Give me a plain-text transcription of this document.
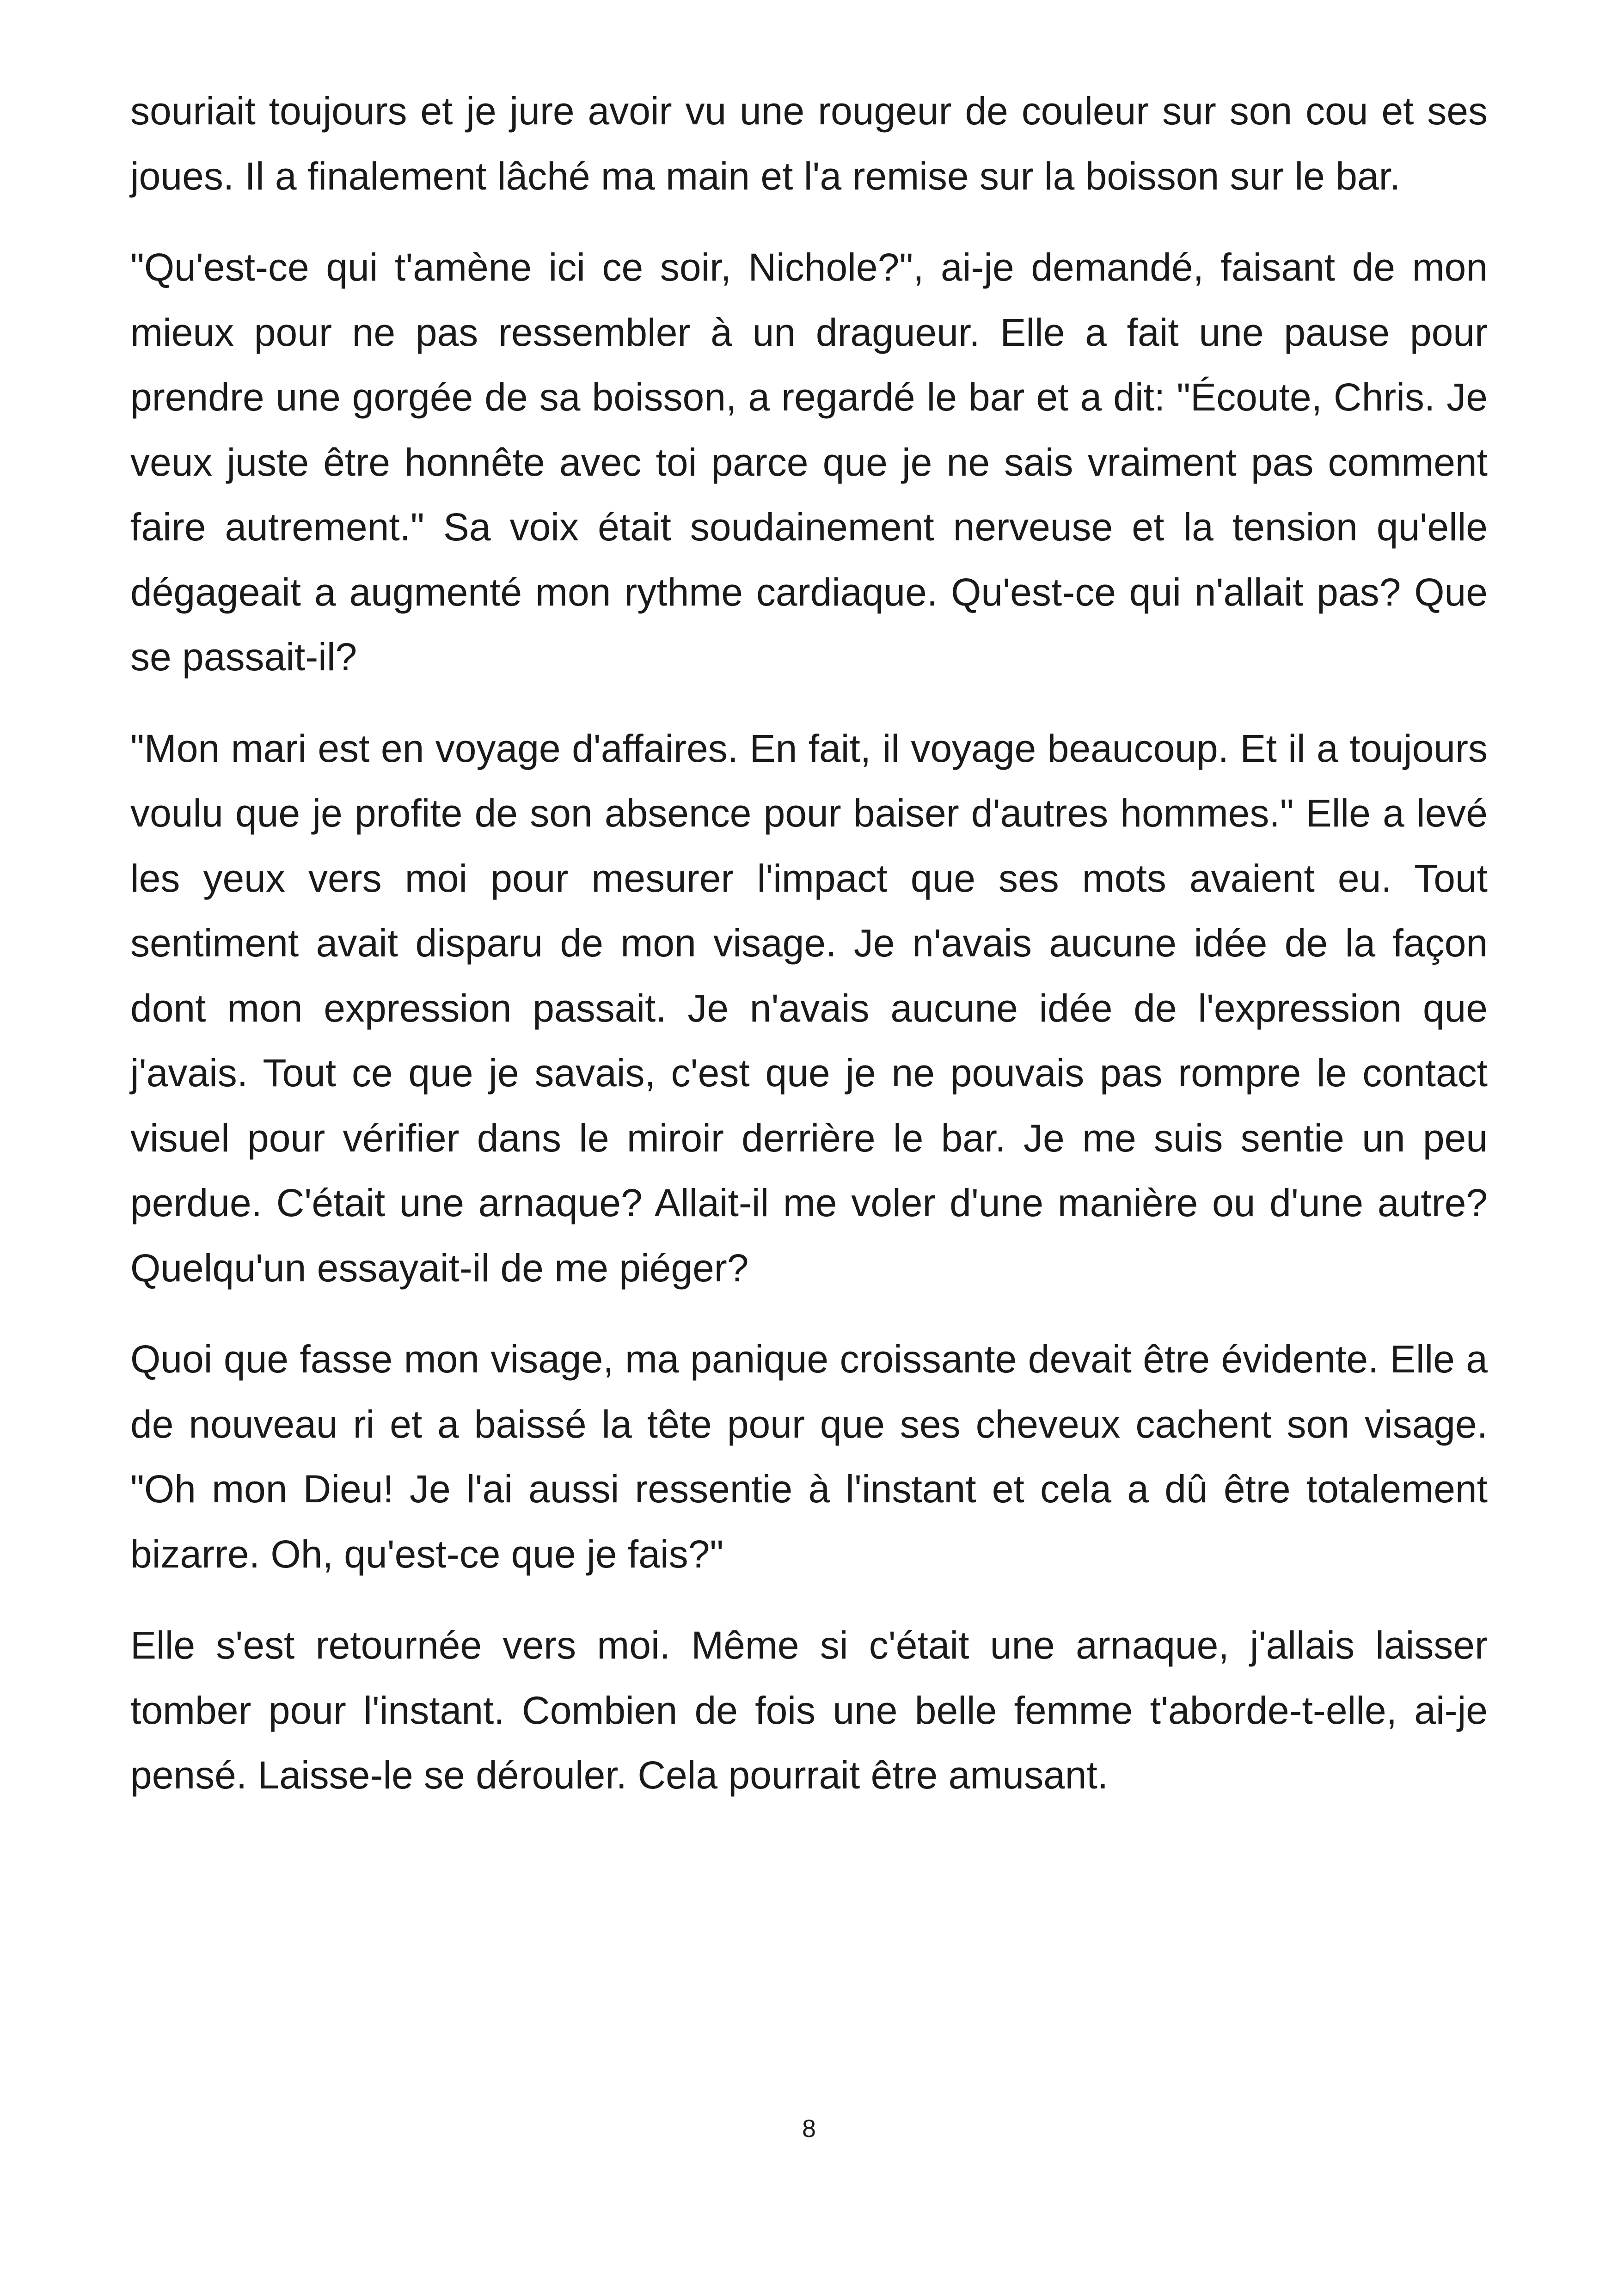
souriait toujours et je jure avoir vu une rougeur de couleur sur son cou et ses joues. Il a finalement lâché ma main et l'a remise sur la boisson sur le bar.

"Qu'est-ce qui t'amène ici ce soir, Nichole?", ai-je demandé, faisant de mon mieux pour ne pas ressembler à un dragueur. Elle a fait une pause pour prendre une gorgée de sa boisson, a regardé le bar et a dit: "Écoute, Chris. Je veux juste être honnête avec toi parce que je ne sais vraiment pas comment faire autrement." Sa voix était soudainement nerveuse et la tension qu'elle dégageait a augmenté mon rythme cardiaque. Qu'est-ce qui n'allait pas? Que se passait-il?

"Mon mari est en voyage d'affaires. En fait, il voyage beaucoup. Et il a toujours voulu que je profite de son absence pour baiser d'autres hommes." Elle a levé les yeux vers moi pour mesurer l'impact que ses mots avaient eu. Tout sentiment avait disparu de mon visage. Je n'avais aucune idée de la façon dont mon expression passait. Je n'avais aucune idée de l'expression que j'avais. Tout ce que je savais, c'est que je ne pouvais pas rompre le contact visuel pour vérifier dans le miroir derrière le bar. Je me suis sentie un peu perdue. C'était une arnaque? Allait-il me voler d'une manière ou d'une autre? Quelqu'un essayait-il de me piéger?

Quoi que fasse mon visage, ma panique croissante devait être évidente. Elle a de nouveau ri et a baissé la tête pour que ses cheveux cachent son visage. "Oh mon Dieu! Je l'ai aussi ressentie à l'instant et cela a dû être totalement bizarre. Oh, qu'est-ce que je fais?"

Elle s'est retournée vers moi. Même si c'était une arnaque, j'allais laisser tomber pour l'instant. Combien de fois une belle femme t'aborde-t-elle, ai-je pensé. Laisse-le se dérouler. Cela pourrait être amusant.

8
